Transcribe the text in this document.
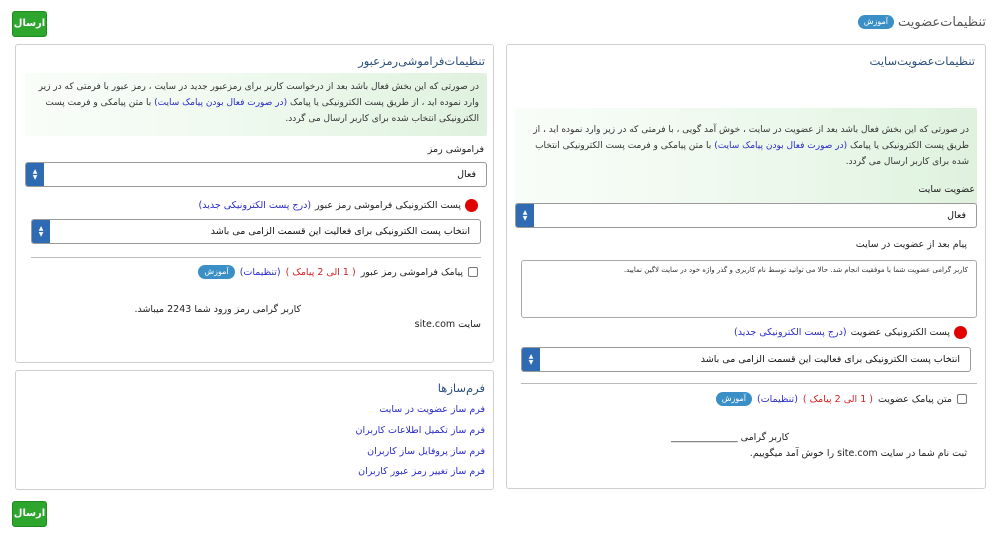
ارسال	تنظیمات‌عضویت
آموزش
تنظیمات‌عضویت‌سایت
در صورتی که این بخش فعال باشد بعد از عضویت در سایت ، خوش آمد گویی ، با فرمتی که در زیر وارد نموده اید ، از طریق پست الکترونیکی یا پیامک (در صورت فعال بودن پیامک سایت) با متن پیامکی و فرمت پست الکترونیکی انتخاب شده برای کاربر ارسال می گردد.
عضویت سایت
فعال
▲
▼
پیام بعد از عضویت در سایت
کاربر گرامی عضویت شما با موفقیت انجام شد. حالا می توانید توسط نام کاربری و گذر واژه خود در سایت لاگین نمایید.
پست الکترونیکی عضویت
(درج پست الکترونیکی جدید)
انتخاب پست الکترونیکی برای فعالیت این قسمت الزامی می باشد
▲
▼
متن پیامک عضویت
( 1 الی 2 پیامک )
(تنظیمات)
آموزش
کاربر گرامی ______________
ثبت نام شما در سایت site.com را خوش آمد میگوییم.
تنظیمات‌فراموشی‌رمزعبور
در صورتی که این بخش فعال باشد بعد از درخواست کاربر برای رمزعبور جدید در سایت ، رمز عبور با فرمتی که در زیر وارد نموده اید ، از طریق پست الکترونیکی یا پیامک (در صورت فعال بودن پیامک سایت) با متن پیامکی و فرمت پست الکترونیکی انتخاب شده برای کاربر ارسال می گردد.
فراموشی رمز
فعال
▲
▼
پست الکترونیکی فراموشی رمز عبور
(درج پست الکترونیکی جدید)
انتخاب پست الکترونیکی برای فعالیت این قسمت الزامی می باشد
▲
▼
پیامک فراموشی رمز عبور
( 1 الی 2 پیامک )
(تنظیمات)
آموزش
کاربر گرامی رمز ورود شما 2243 میباشد.
سایت site.com
فرم‌سازها
فرم ساز عضویت در سایت
فرم ساز تکمیل اطلاعات کاربران
فرم ساز پروفایل ساز کاربران
فرم ساز تغییر رمز عبور کاربران
ارسال
